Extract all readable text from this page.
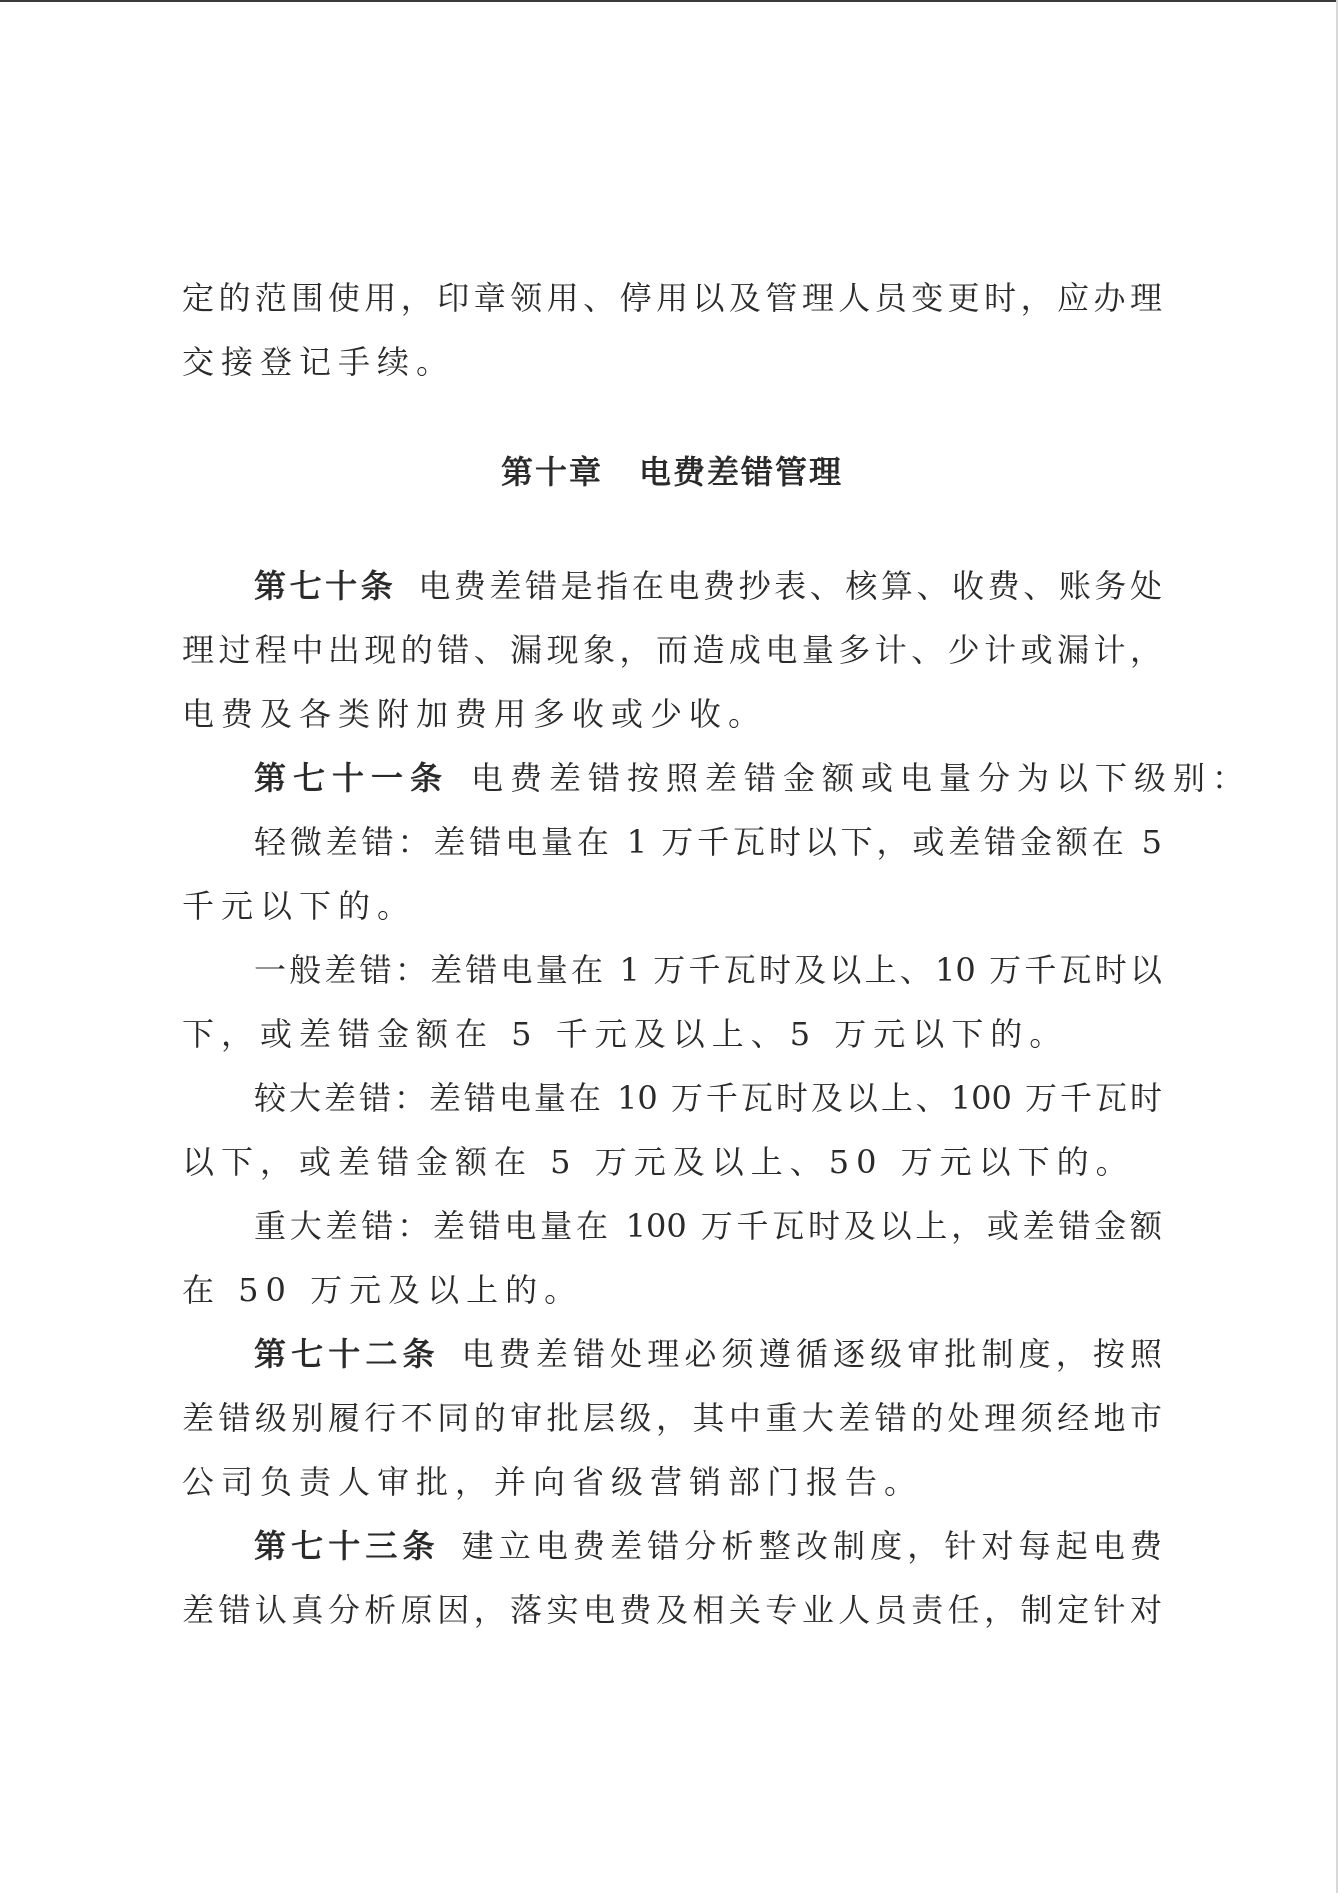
定的范围使用，印章领用、停用以及管理人员变更时，应办理
交接登记手续。
第十章 电费差错管理
第七十条 电费差错是指在电费抄表、核算、收费、账务处
理过程中出现的错、漏现象，而造成电量多计、少计或漏计，
电费及各类附加费用多收或少收。
第七十一条 电费差错按照差错金额或电量分为以下级别：
轻微差错：差错电量在 1 万千瓦时以下，或差错金额在 5
千元以下的。
一般差错：差错电量在 1 万千瓦时及以上、10 万千瓦时以
下，或差错金额在 5 千元及以上、5 万元以下的。
较大差错：差错电量在 10 万千瓦时及以上、100 万千瓦时
以下，或差错金额在 5 万元及以上、50 万元以下的。
重大差错：差错电量在 100 万千瓦时及以上，或差错金额
在 50 万元及以上的。
第七十二条 电费差错处理必须遵循逐级审批制度，按照
差错级别履行不同的审批层级，其中重大差错的处理须经地市
公司负责人审批，并向省级营销部门报告。
第七十三条 建立电费差错分析整改制度，针对每起电费
差错认真分析原因，落实电费及相关专业人员责任，制定针对
